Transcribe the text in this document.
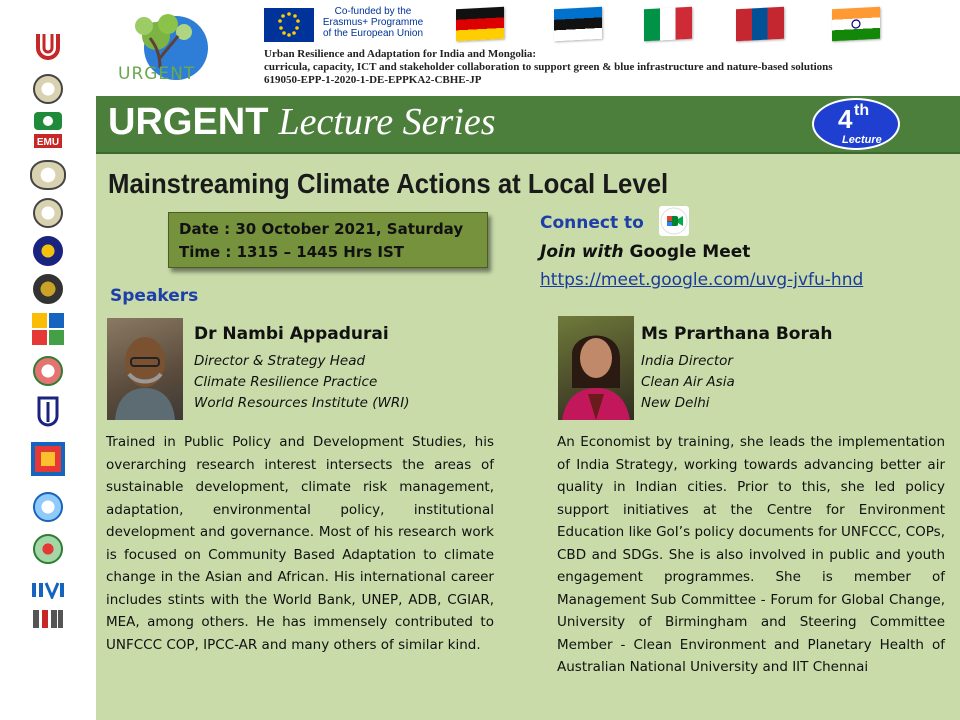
EMU
URGENT
Co-funded by the
Erasmus+ Programme
of the European Union
Urban Resilience and Adaptation for India and Mongolia:
curricula, capacity, ICT and stakeholder collaboration to support green & blue infrastructure and nature-based solutions
619050-EPP-1-2020-1-DE-EPPKA2-CBHE-JP
URGENT Lecture Series	4 th
Lecture
Mainstreaming Climate Actions at Local Level
Date : 30 October 2021, Saturday
Time : 1315 – 1445 Hrs IST
Connect to
Join with Google Meet
https://meet.google.com/uvg-jvfu-hnd
Speakers
Dr Nambi Appadurai
Director & Strategy Head
Climate Resilience Practice
World Resources Institute (WRI)
Trained in Public Policy and Development Studies, his overarching research interest intersects the areas of sustainable development, climate risk management, adaptation, environmental policy, institutional development and governance. Most of his research work is focused on Community Based Adaptation to climate change in the Asian and African. His international career includes stints with the World Bank, UNEP, ADB, CGIAR, MEA, among others. He has immensely contributed to UNFCCC COP, IPCC-AR and many others of similar kind.
Ms Prarthana Borah
India Director
Clean Air Asia
New Delhi
An Economist by training, she leads the implementation of India Strategy, working towards advancing better air quality in Indian cities. Prior to this, she led policy support initiatives at the Centre for Environment Education like GoI’s policy documents for UNFCCC, COPs, CBD and SDGs. She is also involved in public and youth engagement programmes. She is member of Management Sub Committee - Forum for Global Change, University of Birmingham and Steering Committee Member - Clean Environment and Planetary Health of Australian National University and IIT Chennai
